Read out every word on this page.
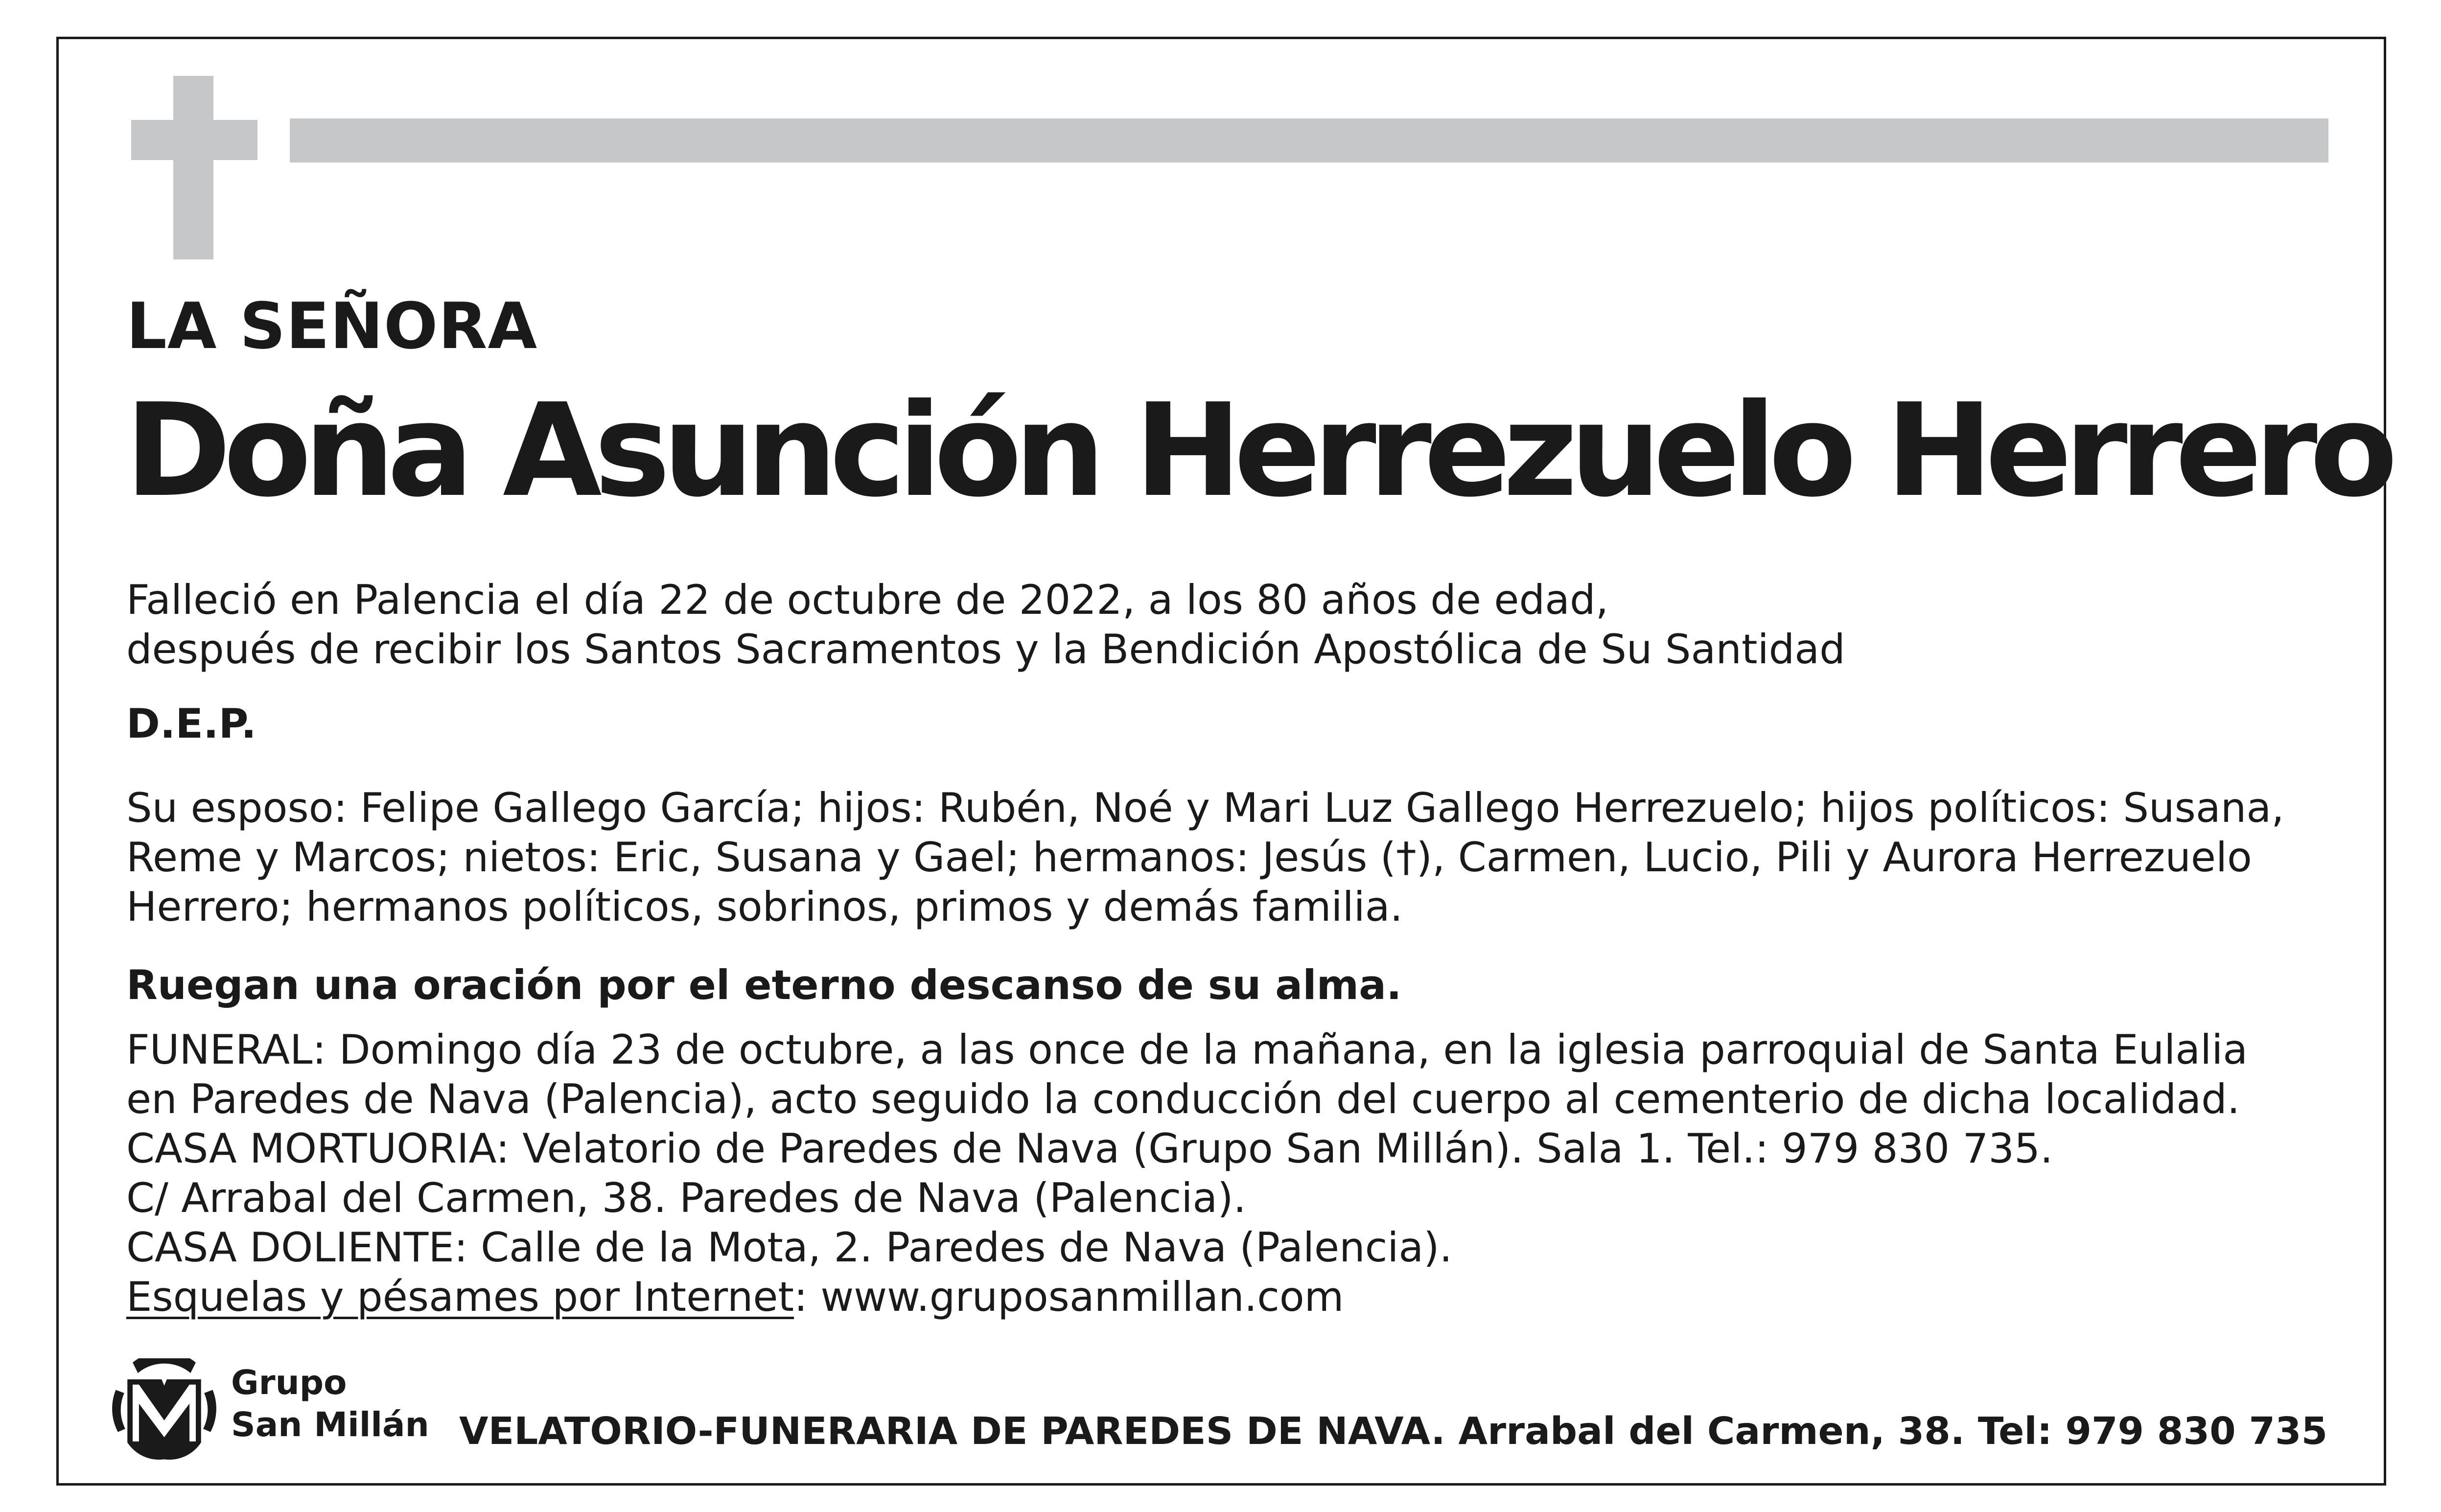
LA SEÑORA
Doña Asunción Herrezuelo Herrero
Falleció en Palencia el día 22 de octubre de 2022, a los 80 años de edad,
después de recibir los Santos Sacramentos y la Bendición Apostólica de Su Santidad
D.E.P.
Su esposo: Felipe Gallego García; hijos: Rubén, Noé y Mari Luz Gallego Herrezuelo; hijos políticos: Susana,
Reme y Marcos; nietos: Eric, Susana y Gael; hermanos: Jesús (†), Carmen, Lucio, Pili y Aurora Herrezuelo
Herrero; hermanos políticos, sobrinos, primos y demás familia.
Ruegan una oración por el eterno descanso de su alma.
FUNERAL: Domingo día 23 de octubre, a las once de la mañana, en la iglesia parroquial de Santa Eulalia
en Paredes de Nava (Palencia), acto seguido la conducción del cuerpo al cementerio de dicha localidad.
CASA MORTUORIA: Velatorio de Paredes de Nava (Grupo San Millán). Sala 1. Tel.: 979 830 735.
C/ Arrabal del Carmen, 38. Paredes de Nava (Palencia).
CASA DOLIENTE: Calle de la Mota, 2. Paredes de Nava (Palencia).
Esquelas y pésames por Internet: www.gruposanmillan.com
Grupo
San Millán VELATORIO-FUNERARIA DE PAREDES DE NAVA. Arrabal del Carmen, 38. Tel: 979 830 735
